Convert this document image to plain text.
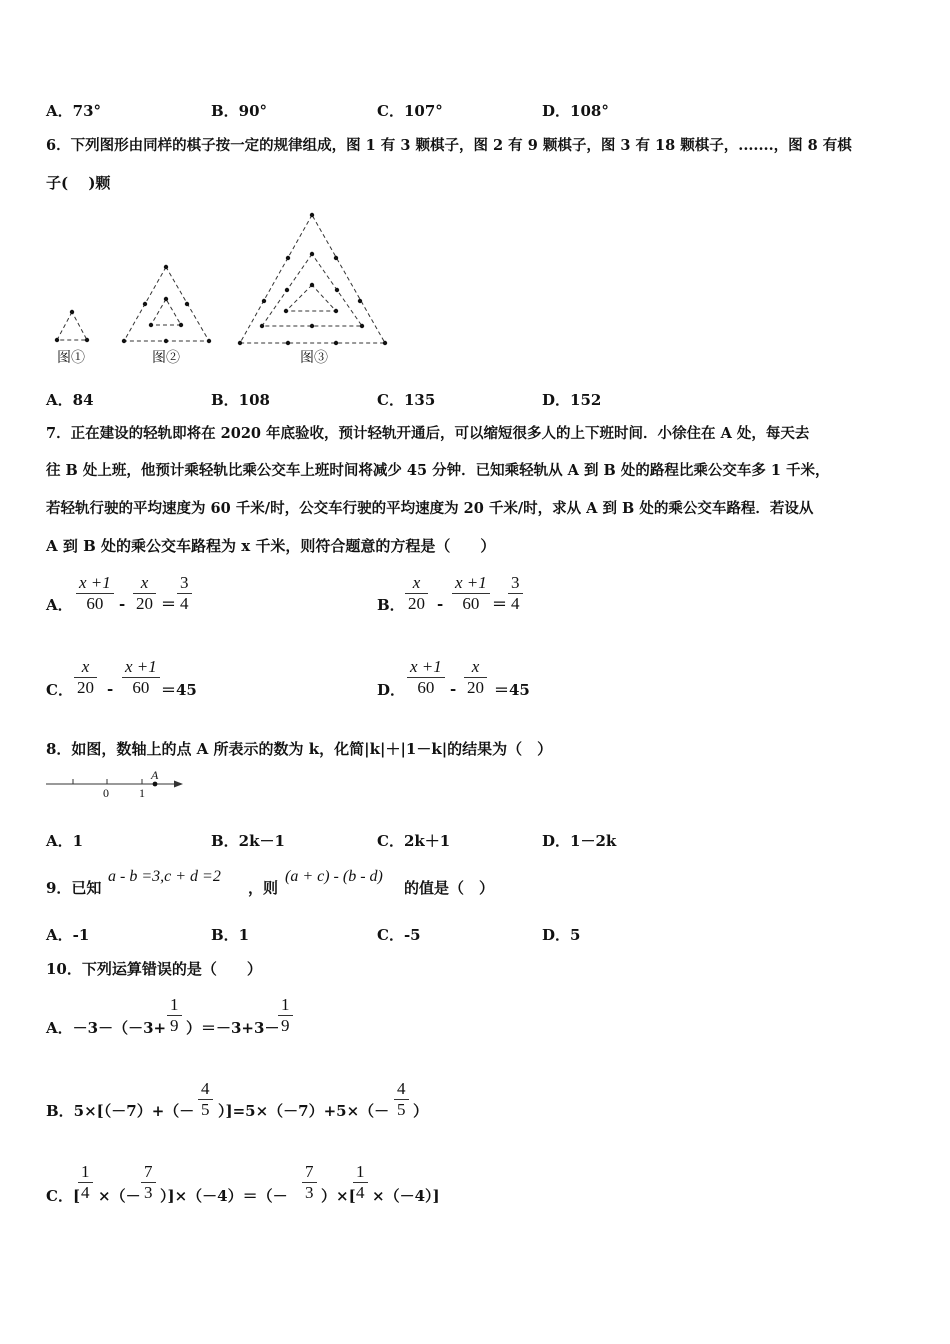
A．73°	B．90°	C．107°	D．108°
6．下列图形由同样的棋子按一定的规律组成，图 1 有 3 颗棋子，图 2 有 9 颗棋子，图 3 有 18 颗棋子，.......，图 8 有棋
子(　 )颗
图①	图②	图③
A．84	B．108	C．135	D．152
7．正在建设的轻轨即将在 2020 年底验收，预计轻轨开通后，可以缩短很多人的上下班时间．小徐住在 A 处，每天去
往 B 处上班，他预计乘轻轨比乘公交车上班时间将减少 45 分钟．已知乘轻轨从 A 到 B 处的路程比乘公交车多 1 千米，
若轻轨行驶的平均速度为 60 千米/时，公交车行驶的平均速度为 20 千米/时，求从 A 到 B 处的乘公交车路程．若设从
A 到 B 处的乘公交车路程为 x 千米，则符合题意的方程是（　　）
A． $\frac{x +1}{60} - \frac{x}{20} = \frac{3}{4}$	B． $\frac{x}{20} - \frac{x +1}{60} = \frac{3}{4}$
C． $\frac{x}{20} - \frac{x +1}{60} =45$	D． $\frac{x +1}{60} - \frac{x}{20} =45$
8．如图，数轴上的点 A 所表示的数为 k，化简|k|＋|1－k|的结果为（　）
0	1
A
A．1	B．2k－1	C．2k＋1	D．1－2k
9．已知
a - b =3,c + d =2
，则
(a + c) - (b - d)
的值是（　）
A．-1	B．1	C．-5	D．5
10．下列运算错误的是（　　）
A．$-3-(-3+ \frac{1}{9} )=-3+3-$
$\frac{1}{9}$
B．$5\times[(-7)+(- \frac{4}{5} )]=5\times(-7)+5\times(- \frac{4}{5}$ ）
C．[
$\frac{1}{4}$ ×（－ $\frac{7}{3} )]\times(-4)=(- \frac{7}{3}$ ）×[
$\frac{1}{4} \times(-4)$]
